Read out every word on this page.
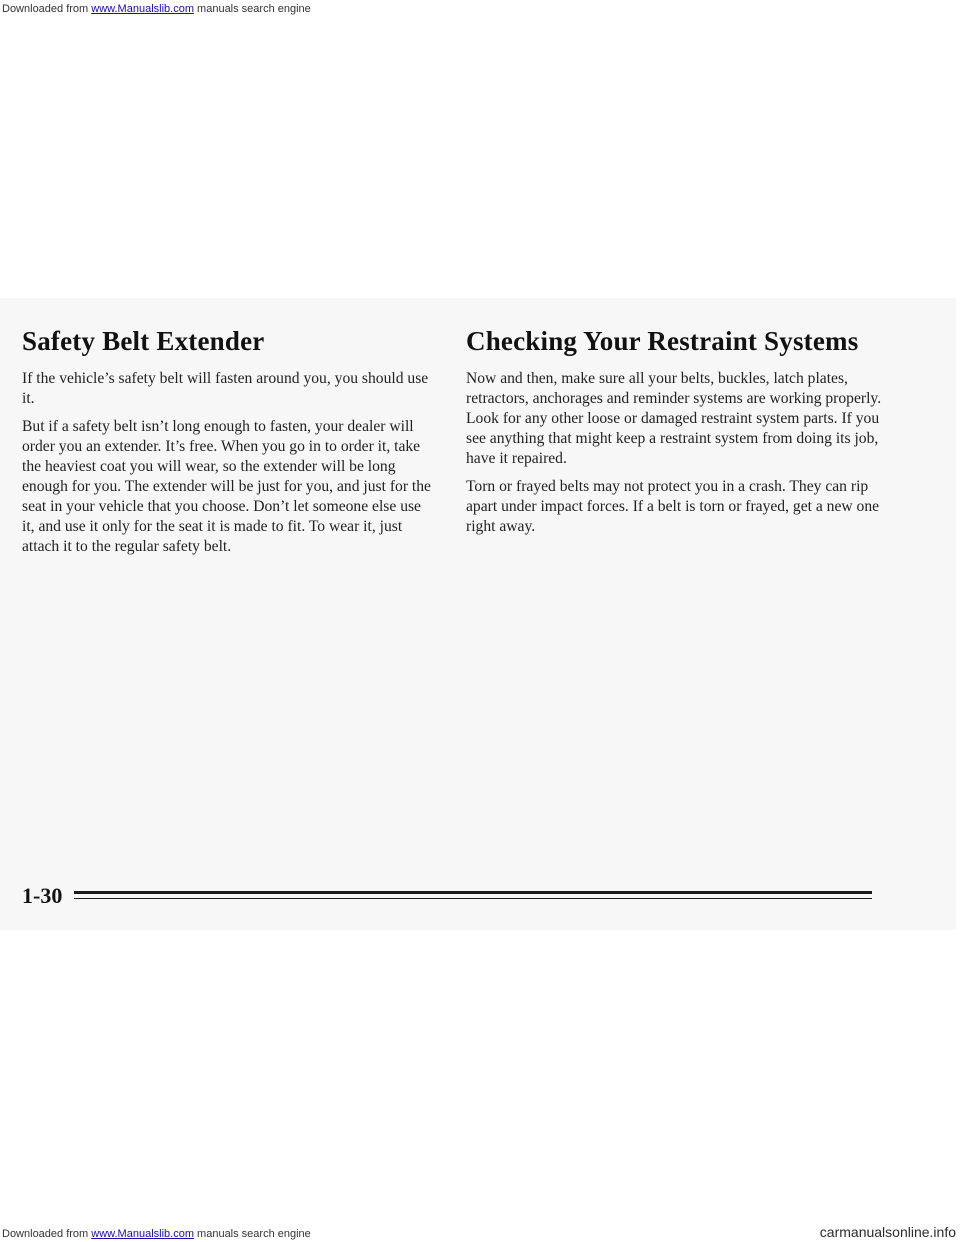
Downloaded from www.Manualslib.com manuals search engine
Safety Belt Extender

If the vehicle’s safety belt will fasten around you, you should use it.

But if a safety belt isn’t long enough to fasten, your dealer will order you an extender. It’s free. When you go in to order it, take the heaviest coat you will wear, so the extender will be long enough for you. The extender will be just for you, and just for the seat in your vehicle that you choose. Don’t let someone else use it, and use it only for the seat it is made to fit. To wear it, just attach it to the regular safety belt.

Checking Your Restraint Systems

Now and then, make sure all your belts, buckles, latch plates, retractors, anchorages and reminder systems are working properly. Look for any other loose or damaged restraint system parts. If you see anything that might keep a restraint system from doing its job, have it repaired.

Torn or frayed belts may not protect you in a crash. They can rip apart under impact forces. If a belt is torn or frayed, get a new one right away.

1-30
Downloaded from www.Manualslib.com manuals search engine	carmanualsonline.info
